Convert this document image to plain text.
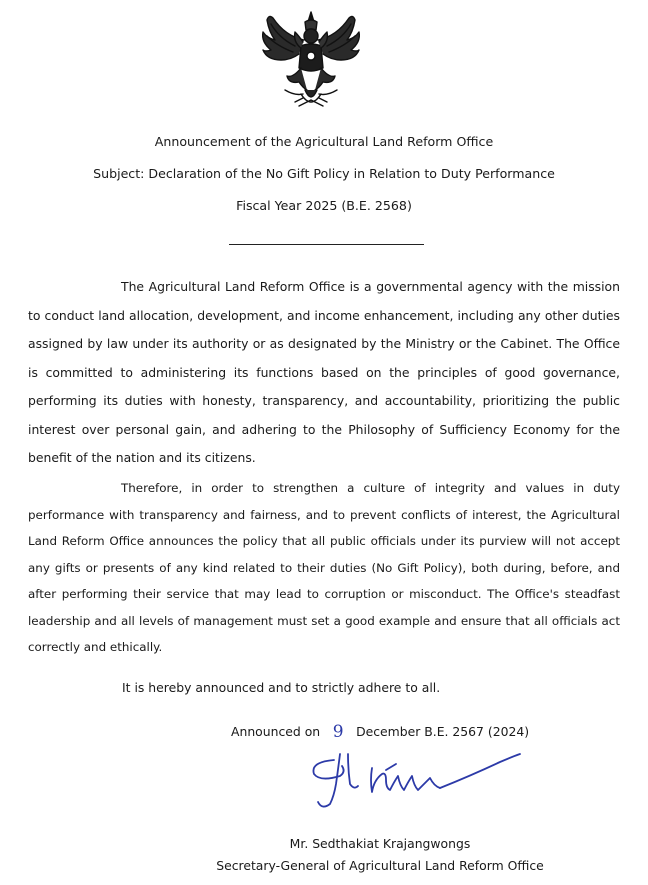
Announcement of the Agricultural Land Reform Office
Subject: Declaration of the No Gift Policy in Relation to Duty Performance
Fiscal Year 2025 (B.E. 2568)

The Agricultural Land Reform Office is a governmental agency with the mission to conduct land allocation, development, and income enhancement, including any other duties assigned by law under its authority or as designated by the Ministry or the Cabinet. The Office is committed to administering its functions based on the principles of good governance, performing its duties with honesty, transparency, and accountability, prioritizing the public interest over personal gain, and adhering to the Philosophy of Sufficiency Economy for the benefit of the nation and its citizens.

Therefore, in order to strengthen a culture of integrity and values in duty performance with transparency and fairness, and to prevent conflicts of interest, the Agricultural Land Reform Office announces the policy that all public officials under its purview will not accept any gifts or presents of any kind related to their duties (No Gift Policy), both during, before, and after performing their service that may lead to corruption or misconduct. The Office's steadfast leadership and all levels of management must set a good example and ensure that all officials act correctly and ethically.

It is hereby announced and to strictly adhere to all.
Announced on 9 December B.E. 2567 (2024)
Mr. Sedthakiat Krajangwongs
Secretary-General of Agricultural Land Reform Office
